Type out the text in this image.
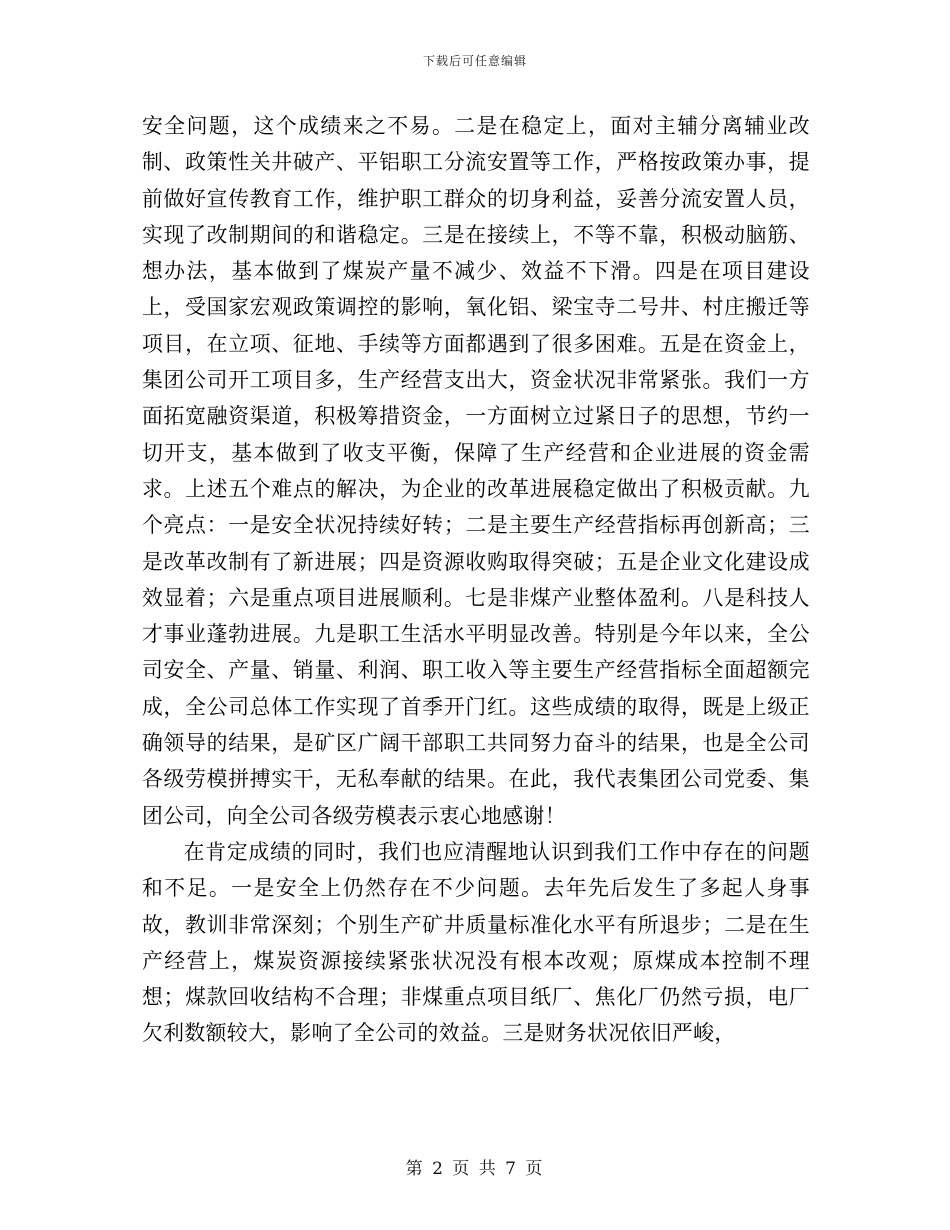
下载后可任意编辑

安全问题，这个成绩来之不易。二是在稳定上，面对主辅分离辅业改制、政策性关井破产、平铝职工分流安置等工作，严格按政策办事，提前做好宣传教育工作，维护职工群众的切身利益，妥善分流安置人员，实现了改制期间的和谐稳定。三是在接续上，不等不靠，积极动脑筋、想办法，基本做到了煤炭产量不减少、效益不下滑。四是在项目建设上，受国家宏观政策调控的影响，氧化铝、梁宝寺二号井、村庄搬迁等项目，在立项、征地、手续等方面都遇到了很多困难。五是在资金上，集团公司开工项目多，生产经营支出大，资金状况非常紧张。我们一方面拓宽融资渠道，积极筹措资金，一方面树立过紧日子的思想，节约一切开支，基本做到了收支平衡，保障了生产经营和企业进展的资金需求。上述五个难点的解决，为企业的改革进展稳定做出了积极贡献。九个亮点：一是安全状况持续好转；二是主要生产经营指标再创新高；三是改革改制有了新进展；四是资源收购取得突破；五是企业文化建设成效显着；六是重点项目进展顺利。七是非煤产业整体盈利。八是科技人才事业蓬勃进展。九是职工生活水平明显改善。特别是今年以来，全公司安全、产量、销量、利润、职工收入等主要生产经营指标全面超额完成，全公司总体工作实现了首季开门红。这些成绩的取得，既是上级正确领导的结果，是矿区广阔干部职工共同努力奋斗的结果，也是全公司各级劳模拼搏实干，无私奉献的结果。在此，我代表集团公司党委、集团公司，向全公司各级劳模表示衷心地感谢！

在肯定成绩的同时，我们也应清醒地认识到我们工作中存在的问题和不足。一是安全上仍然存在不少问题。去年先后发生了多起人身事故，教训非常深刻；个别生产矿井质量标准化水平有所退步；二是在生产经营上，煤炭资源接续紧张状况没有根本改观；原煤成本控制不理想；煤款回收结构不合理；非煤重点项目纸厂、焦化厂仍然亏损，电厂欠利数额较大，影响了全公司的效益。三是财务状况依旧严峻，

第 2 页 共 7 页
